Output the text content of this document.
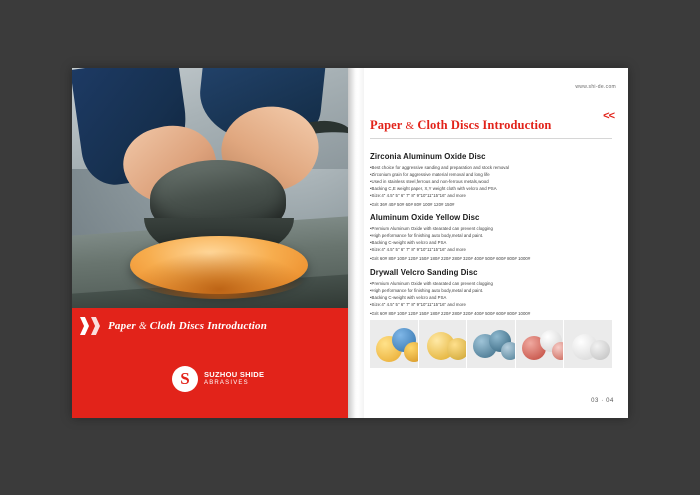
Paper & Cloth Discs Introduction
S
SUZHOU SHIDE
ABRASIVES
www.shi-de.com
<<
Paper & Cloth Discs Introduction
Zirconia Aluminum Oxide Disc
•Best choice for aggressive sanding and preparation and stock removal
•Zirconium grain for aggressive material removal and long life
•Used in stainless steel,ferrous and non-ferrous metals,wood
•Backing C,E weight paper, X,Y weight cloth with velcro and PSA
•Size:4" 4.5" 5" 6" 7" 8" 9"10"11"15"16" and more
•Grit 36# 40# 50# 60# 80# 100# 120# 150#
Aluminum Oxide Yellow Disc
•Premium Aluminum Oxide with stearated can prevent clogging
•High performance for finishing auto body,metal and paint.
•Backing C-weight with velcro and PSA
•Size:4" 4.5" 5" 6" 7" 8" 9"10"11"15"16" and more
•Grit 60# 80# 100# 120# 150# 180# 220# 280# 320# 400# 500# 600# 800# 1000#
Drywall Velcro Sanding Disc
•Premium Aluminum Oxide with stearated can prevent clogging
•High performance for finishing auto body,metal and paint.
•Backing C-weight with velcro and PSA
•Size:4" 4.5" 5" 6" 7" 8" 9"10"11"15"16" and more
•Grit 60# 80# 100# 120# 150# 180# 220# 280# 320# 400# 500# 600# 800# 1000#
03 · 04
